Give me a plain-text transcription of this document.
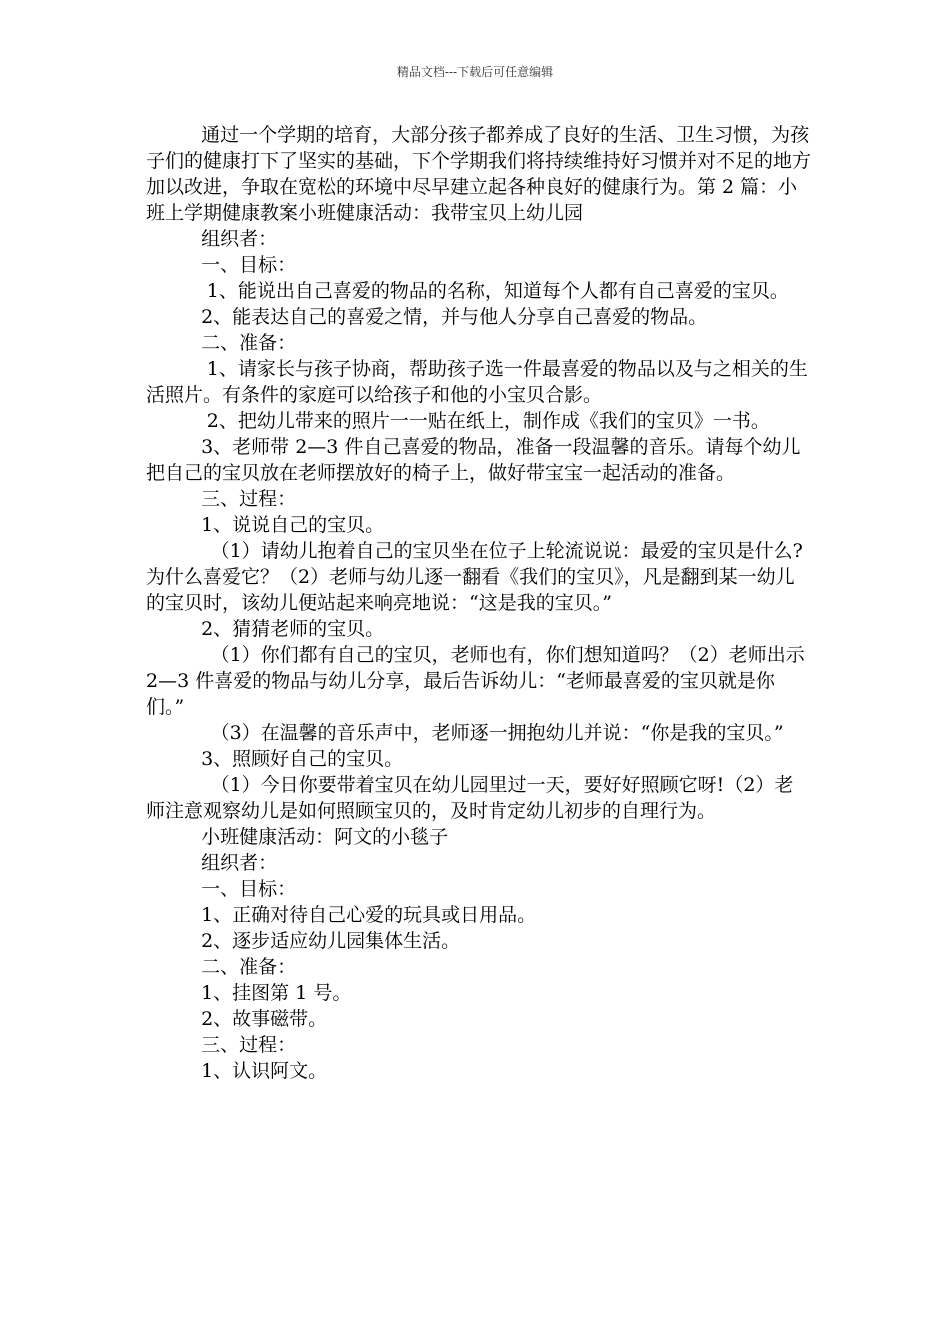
精品文档---下载后可任意编辑

通过一个学期的培育，大部分孩子都养成了良好的生活、卫生习惯，为孩子们的健康打下了坚实的基础，下个学期我们将持续维持好习惯并对不足的地方加以改进，争取在宽松的环境中尽早建立起各种良好的健康行为。第 2 篇：小班上学期健康教案小班健康活动：我带宝贝上幼儿园

组织者：

一、目标：

1、能说出自己喜爱的物品的名称，知道每个人都有自己喜爱的宝贝。

2、能表达自己的喜爱之情，并与他人分享自己喜爱的物品。

二、准备：

1、请家长与孩子协商，帮助孩子选一件最喜爱的物品以及与之相关的生活照片。有条件的家庭可以给孩子和他的小宝贝合影。

2、把幼儿带来的照片一一贴在纸上，制作成《我们的宝贝》一书。

3、老师带 2—3 件自己喜爱的物品，准备一段温馨的音乐。请每个幼儿把自己的宝贝放在老师摆放好的椅子上，做好带宝宝一起活动的准备。

三、过程：

1、说说自己的宝贝。

（1）请幼儿抱着自己的宝贝坐在位子上轮流说说：最爱的宝贝是什么?为什么喜爱它？（2）老师与幼儿逐一翻看《我们的宝贝》，凡是翻到某一幼儿的宝贝时，该幼儿便站起来响亮地说：“这是我的宝贝。”

2、猜猜老师的宝贝。

（1）你们都有自己的宝贝，老师也有，你们想知道吗？（2）老师出示 2—3 件喜爱的物品与幼儿分享，最后告诉幼儿：“老师最喜爱的宝贝就是你们。”

（3）在温馨的音乐声中，老师逐一拥抱幼儿并说：“你是我的宝贝。”

3、照顾好自己的宝贝。

（1）今日你要带着宝贝在幼儿园里过一天，要好好照顾它呀!（2）老师注意观察幼儿是如何照顾宝贝的，及时肯定幼儿初步的自理行为。

小班健康活动：阿文的小毯子

组织者：

一、目标：

1、正确对待自己心爱的玩具或日用品。

2、逐步适应幼儿园集体生活。

二、准备：

1、挂图第 1 号。

2、故事磁带。

三、过程：

1、认识阿文。
